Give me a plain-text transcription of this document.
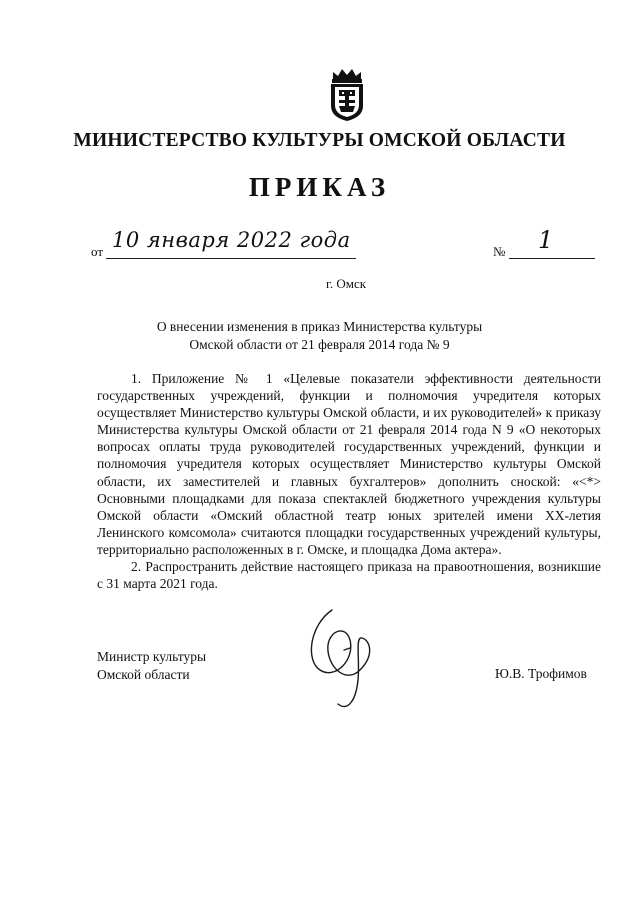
МИНИСТЕРСТВО КУЛЬТУРЫ ОМСКОЙ ОБЛАСТИ
ПРИКАЗ
от 10 января 2022 года	№ 1
г. Омск
О внесении изменения в приказ Министерства культуры
Омской области от 21 февраля 2014 года № 9

1. Приложение № 1 «Целевые показатели эффективности деятельности государственных учреждений, функции и полномочия учредителя которых осуществляет Министерство культуры Омской области, и их руководителей» к приказу Министерства культуры Омской области от 21 февраля 2014 года N 9 «О некоторых вопросах оплаты труда руководителей государственных учреждений, функции и полномочия учредителя которых осуществляет Министерство культуры Омской области, их заместителей и главных бухгалтеров» дополнить сноской: «<*> Основными площадками для показа спектаклей бюджетного учреждения культуры Омской области «Омский областной театр юных зрителей имени XX-летия Ленинского комсомола» считаются площадки государственных учреждений культуры, территориально расположенных в г. Омске, и площадка Дома актера».

2. Распространить действие настоящего приказа на правоотношения, возникшие с 31 марта 2021 года.

Министр культуры
Омской области	Ю.В. Трофимов
